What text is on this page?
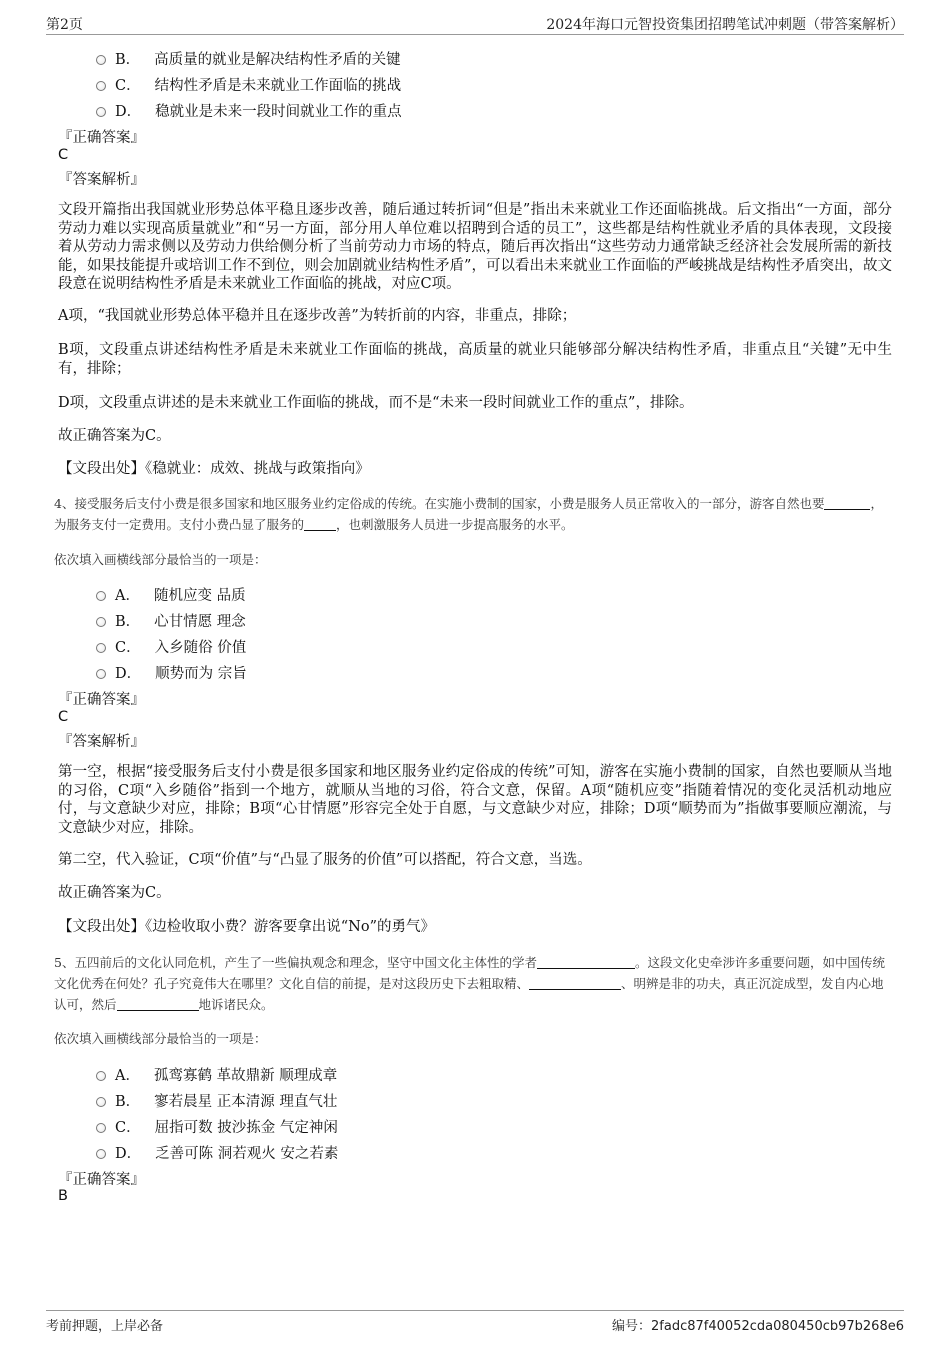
第2页	2024年海口元智投资集团招聘笔试冲刺题（带答案解析）
B． 高质量的就业是解决结构性矛盾的关键
C． 结构性矛盾是未来就业工作面临的挑战
D． 稳就业是未来一段时间就业工作的重点
『正确答案』
C
『答案解析』
文段开篇指出我国就业形势总体平稳且逐步改善，随后通过转折词“但是”指出未来就业工作还面临挑战。后文指出“一方面，部分劳动力难以实现高质量就业”和“另一方面，部分用人单位难以招聘到合适的员工”，这些都是结构性就业矛盾的具体表现，文段接着从劳动力需求侧以及劳动力供给侧分析了当前劳动力市场的特点，随后再次指出“这些劳动力通常缺乏经济社会发展所需的新技能，如果技能提升或培训工作不到位，则会加剧就业结构性矛盾”，可以看出未来就业工作面临的严峻挑战是结构性矛盾突出，故文段意在说明结构性矛盾是未来就业工作面临的挑战，对应C项。
A项，“我国就业形势总体平稳并且在逐步改善”为转折前的内容，非重点，排除；
B项，文段重点讲述结构性矛盾是未来就业工作面临的挑战，高质量的就业只能够部分解决结构性矛盾，非重点且“关键”无中生有，排除；
D项，文段重点讲述的是未来就业工作面临的挑战，而不是“未来一段时间就业工作的重点”，排除。
故正确答案为C。
【文段出处】《稳就业：成效、挑战与政策指向》
4、接受服务后支付小费是很多国家和地区服务业约定俗成的传统。在实施小费制的国家，小费是服务人员正常收入的一部分，游客自然也要	，为服务支付一定费用。支付小费凸显了服务的	，也刺激服务人员进一步提高服务的水平。
依次填入画横线部分最恰当的一项是：
A． 随机应变 品质
B． 心甘情愿 理念
C． 入乡随俗 价值
D． 顺势而为 宗旨
『正确答案』
C
『答案解析』
第一空，根据“接受服务后支付小费是很多国家和地区服务业约定俗成的传统”可知，游客在实施小费制的国家，自然也要顺从当地的习俗，C项“入乡随俗”指到一个地方，就顺从当地的习俗，符合文意，保留。A项“随机应变”指随着情况的变化灵活机动地应付，与文意缺少对应，排除；B项“心甘情愿”形容完全处于自愿，与文意缺少对应，排除；D项“顺势而为”指做事要顺应潮流，与文意缺少对应，排除。
第二空，代入验证，C项“价值”与“凸显了服务的价值”可以搭配，符合文意，当选。
故正确答案为C。
【文段出处】《边检收取小费？游客要拿出说“No”的勇气》
5、五四前后的文化认同危机，产生了一些偏执观念和理念，坚守中国文化主体性的学者	。这段文化史牵涉许多重要问题，如中国传统文化优秀在何处？孔子究竟伟大在哪里？文化自信的前提，是对这段历史下去粗取精、	、明辨是非的功夫，真正沉淀成型，发自内心地认可，然后	地诉诸民众。
依次填入画横线部分最恰当的一项是：
A． 孤鸾寡鹤 革故鼎新 顺理成章
B． 寥若晨星 正本清源 理直气壮
C． 屈指可数 披沙拣金 气定神闲
D． 乏善可陈 洞若观火 安之若素
『正确答案』
B
考前押题，上岸必备	编号：2fadc87f40052cda080450cb97b268e6
